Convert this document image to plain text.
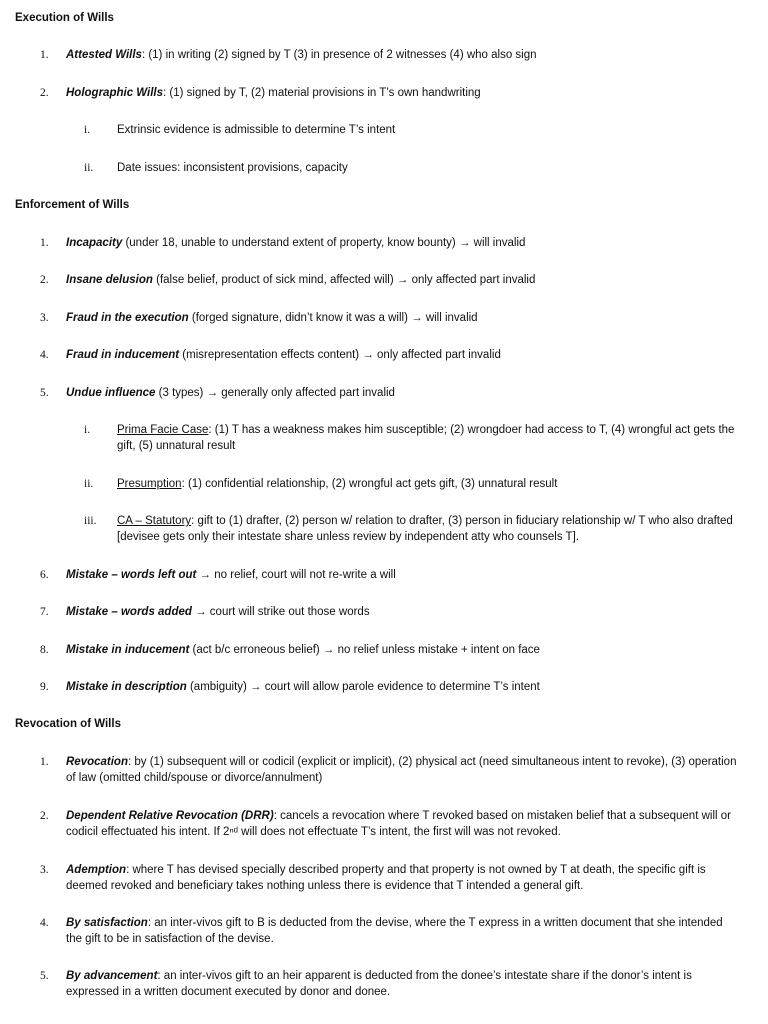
Execution of Wills
1. Attested Wills: (1) in writing (2) signed by T (3) in presence of 2 witnesses (4) who also sign
2. Holographic Wills: (1) signed by T, (2) material provisions in T’s own handwriting
i. Extrinsic evidence is admissible to determine T’s intent
ii. Date issues: inconsistent provisions, capacity
Enforcement of Wills
1. Incapacity (under 18, unable to understand extent of property, know bounty) → will invalid
2. Insane delusion (false belief, product of sick mind, affected will) → only affected part invalid
3. Fraud in the execution (forged signature, didn’t know it was a will) → will invalid
4. Fraud in inducement (misrepresentation effects content) → only affected part invalid
5. Undue influence (3 types) → generally only affected part invalid
i. Prima Facie Case: (1) T has a weakness makes him susceptible; (2) wrongdoer had access to T, (4) wrongful act gets the gift, (5) unnatural result
ii. Presumption: (1) confidential relationship, (2) wrongful act gets gift, (3) unnatural result
iii. CA – Statutory: gift to (1) drafter, (2) person w/ relation to drafter, (3) person in fiduciary relationship w/ T who also drafted [devisee gets only their intestate share unless review by independent atty who counsels T].
6. Mistake – words left out → no relief, court will not re-write a will
7. Mistake – words added → court will strike out those words
8. Mistake in inducement (act b/c erroneous belief) → no relief unless mistake + intent on face
9. Mistake in description (ambiguity) → court will allow parole evidence to determine T’s intent
Revocation of Wills
1. Revocation: by (1) subsequent will or codicil (explicit or implicit), (2) physical act (need simultaneous intent to revoke), (3) operation of law (omitted child/spouse or divorce/annulment)
2. Dependent Relative Revocation (DRR): cancels a revocation where T revoked based on mistaken belief that a subsequent will or codicil effectuated his intent. If 2ⁿᵈ will does not effectuate T’s intent, the first will was not revoked.
3. Ademption: where T has devised specially described property and that property is not owned by T at death, the specific gift is deemed revoked and beneficiary takes nothing unless there is evidence that T intended a general gift.
4. By satisfaction: an inter-vivos gift to B is deducted from the devise, where the T express in a written document that she intended the gift to be in satisfaction of the devise.
5. By advancement: an inter-vivos gift to an heir apparent is deducted from the donee’s intestate share if the donor’s intent is expressed in a written document executed by donor and donee.
